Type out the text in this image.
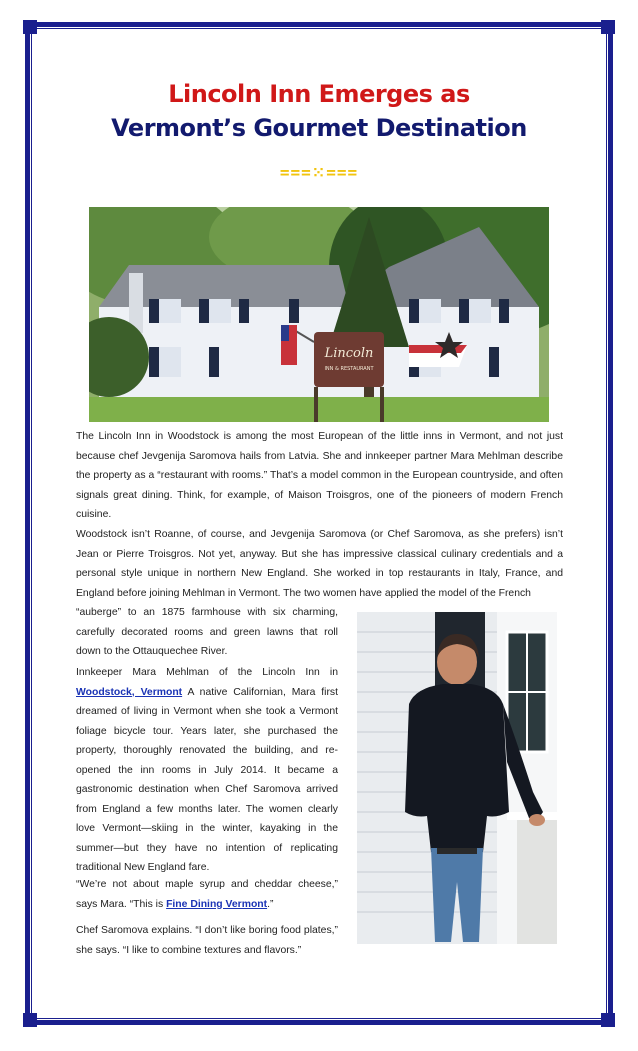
Lincoln Inn Emerges as
Vermont’s Gourmet Destination
===⁙===
Lincoln
INN & RESTAURANT

The Lincoln Inn in Woodstock is among the most European of the little inns in Vermont, and not just because chef Jevgenija Saromova hails from Latvia. She and innkeeper partner Mara Mehlman describe the property as a “restaurant with rooms.” That’s a model common in the European countryside, and often signals great dining. Think, for example, of Maison Troisgros, one of the pioneers of modern French cuisine.

Woodstock isn’t Roanne, of course, and Jevgenija Saromova (or Chef Saromova, as she prefers) isn’t Jean or Pierre Troisgros. Not yet, anyway. But she has impressive classical culinary credentials and a personal style unique in northern New England. She worked in top restaurants in Italy, France, and England before joining Mehlman in Vermont. The two women have applied the model of the French

“auberge” to an 1875 farmhouse with six charming, carefully decorated rooms and green lawns that roll down to the Ottauquechee River.

Innkeeper Mara Mehlman of the Lincoln Inn in Woodstock, Vermont A native Californian, Mara first dreamed of living in Vermont when she took a Vermont foliage bicycle tour. Years later, she purchased the property, thoroughly renovated the building, and re-opened the inn rooms in July 2014. It became a gastronomic destination when Chef Saromova arrived from England a few months later. The women clearly love Vermont—skiing in the winter, kayaking in the summer—but they have no intention of replicating traditional New England fare.

“We’re not about maple syrup and cheddar cheese,” says Mara. “This is Fine Dining Vermont.”

Chef Saromova explains. “I don’t like boring food plates,” she says. “I like to combine textures and flavors.”
